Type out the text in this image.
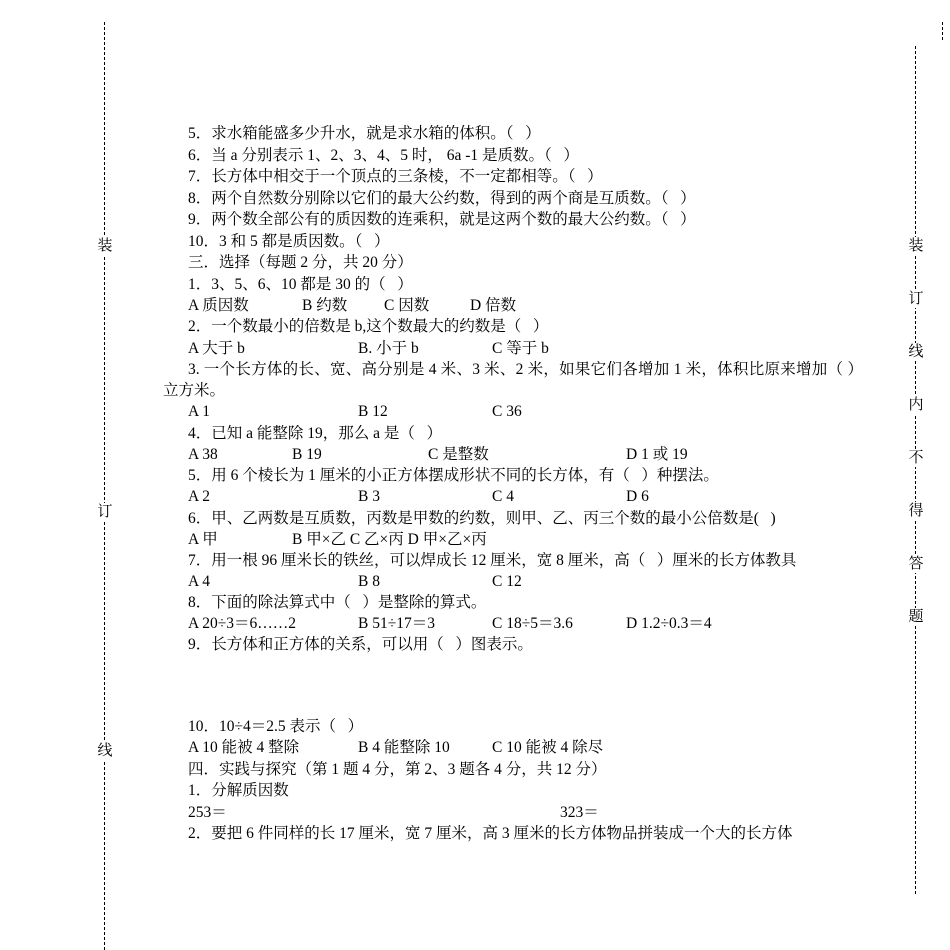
装
订
线
装
订
线
内
不
得
答
题
5．求水箱能盛多少升水，就是求水箱的体积。（   ）
6．当 a 分别表示 1、2、3、4、5 时， 6a -1 是质数。（   ）
7．长方体中相交于一个顶点的三条棱，不一定都相等。（   ）
8．两个自然数分别除以它们的最大公约数，得到的两个商是互质数。（   ）
9．两个数全部公有的质因数的连乘积，就是这两个数的最大公约数。（   ）
10．3 和 5 都是质因数。（   ）
三．选择（每题 2 分，共 20 分）
1．3、5、6、10 都是 30 的（   ）
A 质因数	B 约数 C 因数	D 倍数
2．一个数最小的倍数是 b,这个数最大的约数是（   ）
A 大于 b	B. 小于 b	C 等于 b
3. 一个长方体的长、宽、高分别是 4 米、3 米、2 米，如果它们各增加 1 米，体积比原来增加（ ）立方米。
A 1	B 12	C 36
4．已知 a 能整除 19，那么 a 是（   ）
A 38	B 19	C 是整数	D 1 或 19
5．用 6 个棱长为 1 厘米的小正方体摆成形状不同的长方体，有（   ）种摆法。
A 2	B 3	C 4	D 6
6．甲、乙两数是互质数，丙数是甲数的约数，则甲、乙、丙三个数的最小公倍数是(   )
A 甲	B 甲×乙 C 乙×丙 D 甲×乙×丙
7．用一根 96 厘米长的铁丝，可以焊成长 12 厘米，宽 8 厘米，高（   ）厘米的长方体教具
A 4	B 8	C 12
8．下面的除法算式中（   ）是整除的算式。
A 20÷3＝6……2	B 51÷17＝3	C 18÷5＝3.6	D 1.2÷0.3＝4
9．长方体和正方体的关系，可以用（   ）图表示。
10．10÷4＝2.5 表示（   ）
A 10 能被 4 整除	B 4 能整除 10	C 10 能被 4 除尽
四．实践与探究（第 1 题 4 分，第 2、3 题各 4 分，共 12 分）
1．分解质因数
253＝	323＝
2．要把 6 件同样的长 17 厘米，宽 7 厘米，高 3 厘米的长方体物品拼装成一个大的长方体
